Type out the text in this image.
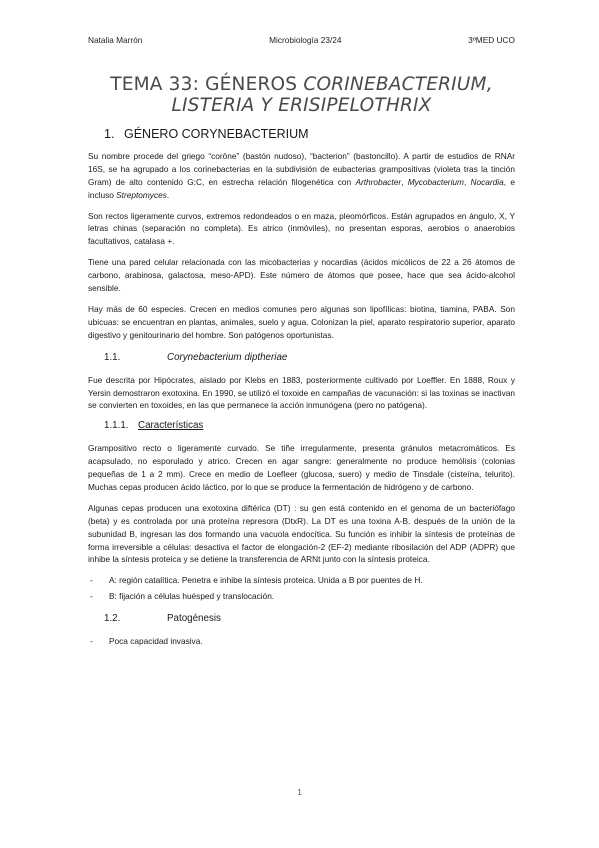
Natalia Marrón	Microbiología 23/24	3ºMED UCO
TEMA 33: GÉNEROS CORINEBACTERIUM,
LISTERIA Y ERISIPELOTHRIX
1. GÉNERO CORYNEBACTERIUM

Su nombre procede del griego “corōne” (bastón nudoso), “bacterion” (bastoncillo). A partir de estudios de RNAr 16S, se ha agrupado a los corinebacterias en la subdivisión de eubacterias grampositivas (violeta tras la tinción Gram) de alto contenido G:C, en estrecha relación filogenética con Arthrobacter, Mycobacterium, Nocardia, e incluso Streptomyces.

Son rectos ligeramente curvos, extremos redondeados o en maza, pleomórficos. Están agrupados en ángulo, X, Y letras chinas (separación no completa). Es atrico (inmóviles), no presentan esporas, aerobios o anaerobios facultativos, catalasa +.

Tiene una pared celular relacionada con las micobacterias y nocardias (ácidos micólicos de 22 a 26 átomos de carbono, arabinosa, galactosa, meso-APD). Este número de átomos que posee, hace que sea ácido-alcohol sensible.

Hay más de 60 especies. Crecen en medios comunes pero algunas son lipofílicas: biotina, tiamina, PABA. Son ubicuas: se encuentran en plantas, animales, suelo y agua. Colonizan la piel, aparato respiratorio superior, aparato digestivo y genitourinario del hombre. Son patógenos oportunistas.

1.1.	Corynebacterium diptheriae

Fue descrita por Hipócrates, aislado por Klebs en 1883, posteriormente cultivado por Loeffler. En 1888, Roux y Yersin demostraron exotoxina. En 1990, se utilizó el toxoide en campañas de vacunación: si las toxinas se inactivan se convierten en toxoides, en las que permanece la acción inmunógena (pero no patógena).

1.1.1. Características

Grampositivo recto o ligeramente curvado. Se tiñe irregularmente, presenta gránulos metacromáticos. Es acapsulado, no esporulado y atrico. Crecen en agar sangre: generalmente no produce hemólisis (colonias pequeñas de 1 a 2 mm). Crece en medio de Loefleer (glucosa, suero) y medio de Tinsdale (cisteína, telurito). Muchas cepas producen ácido láctico, por lo que se produce la fermentación de hidrógeno y de carbono.

Algunas cepas producen una exotoxina diftérica (DT) : su gen está contenido en el genoma de un bacteriófago (beta) y es controlada por una proteína represora (DtxR). La DT es una toxina A-B. después de la unión de la subunidad B, ingresan las dos formando una vacuola endocítica. Su función es inhibir la síntesis de proteínas de forma irreversible a células: desactiva el factor de elongación-2 (EF-2) mediante ribosilación del ADP (ADPR) que inhibe la síntesis proteica y se detiene la transferencia de ARNt junto con la síntesis proteica.

-	A: región catalítica. Penetra e inhibe la síntesis proteica. Unida a B por puentes de H.
-	B: fijación a células huésped y translocación.
1.2.	Patogénesis
-	Poca capacidad invasiva.
1
